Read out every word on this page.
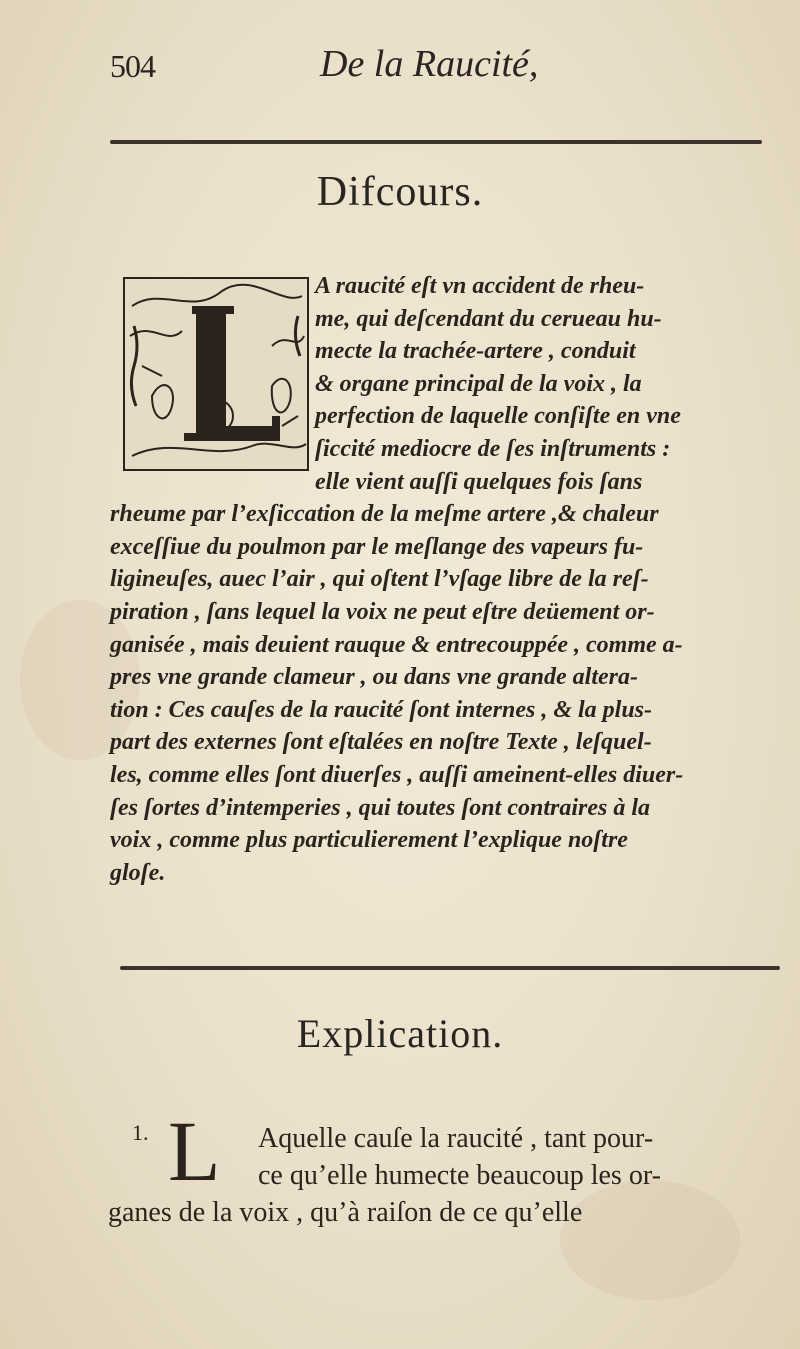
504	De la Raucité,
Difcours.
A raucité eſt vn accident de rheu-
me, qui deſcendant du cerueau hu-
mecte la trachée-artere , conduit
& organe principal de la voix , la
perfection de laquelle conſiſte en vne
ſiccité mediocre de ſes inſtruments :
elle vient auſſi quelques fois ſans
rheume par l’exſiccation de la meſme artere ,& chaleur
exceſſiue du poulmon par le meſlange des vapeurs fu-
ligineuſes, auec l’air , qui oſtent l’vſage libre de la reſ-
piration , ſans lequel la voix ne peut eſtre deüement or-
ganisée , mais deuient rauque & entrecouppée , comme a-
pres vne grande clameur , ou dans vne grande altera-
tion : Ces cauſes de la raucité ſont internes , & la plus-
part des externes ſont eſtalées en noſtre Texte , leſquel-
les, comme elles ſont diuerſes , auſſi ameinent-elles diuer-
ſes ſortes d’intemperies , qui toutes ſont contraires à la
voix , comme plus particulierement l’explique noſtre
gloſe.
Explication.
1. L	Aquelle cauſe la raucité , tant pour-
ce qu’elle humecte beaucoup les or-
ganes de la voix , qu’à raiſon de ce qu’elle
